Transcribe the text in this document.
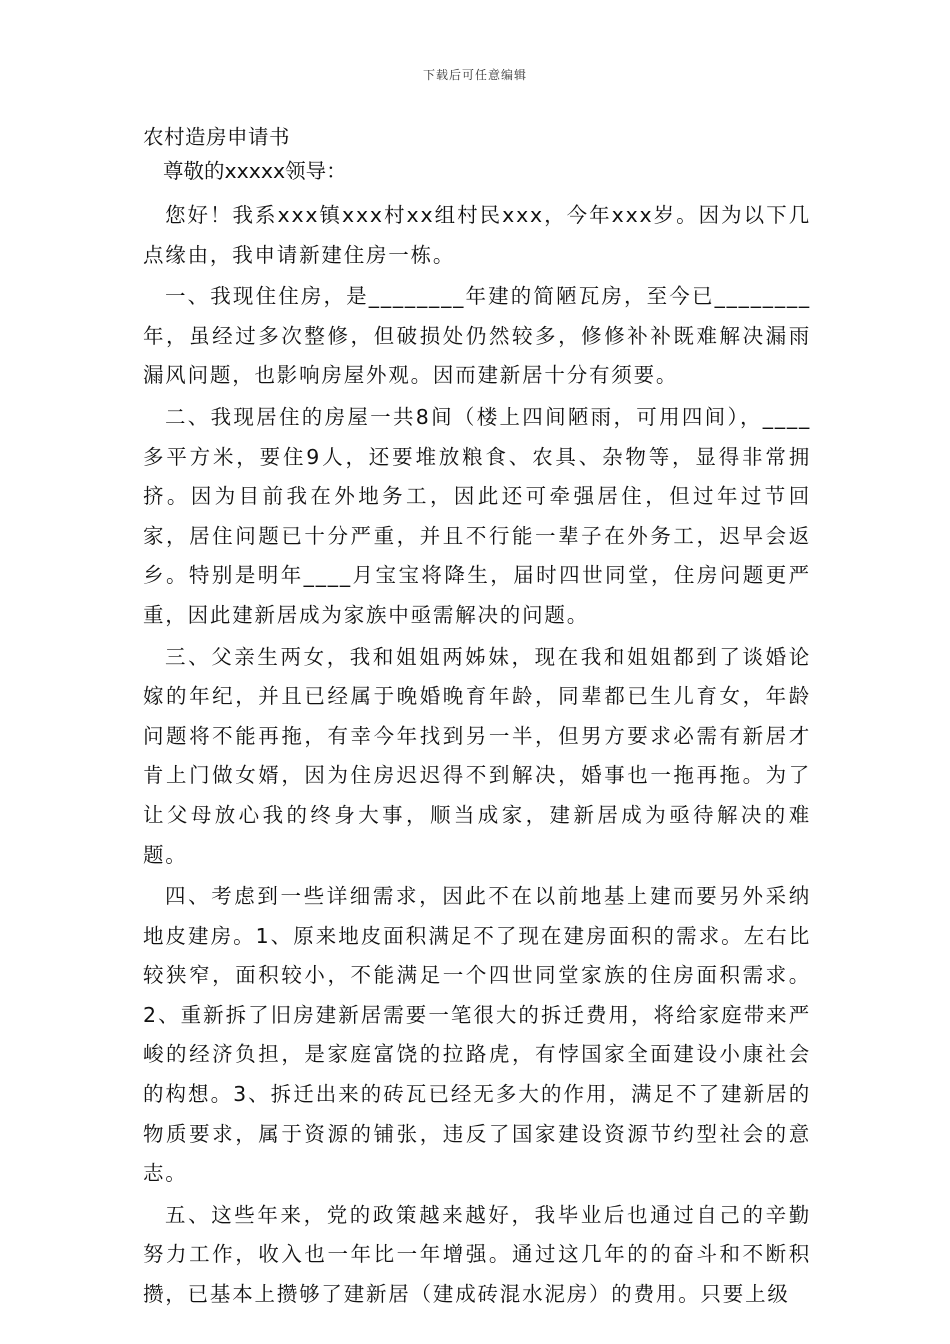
下载后可任意编辑
农村造房申请书

尊敬的xxxxx领导：

您好！我系xxx镇xxx村xx组村民xxx，今年xxx岁。因为以下几点缘由，我申请新建住房一栋。

一、我现住住房，是________年建的简陋瓦房，至今已________年，虽经过多次整修，但破损处仍然较多，修修补补既难解决漏雨漏风问题，也影响房屋外观。因而建新居十分有须要。

二、我现居住的房屋一共8间（楼上四间陋雨，可用四间），____多平方米，要住9人，还要堆放粮食、农具、杂物等，显得非常拥挤。因为目前我在外地务工，因此还可牵强居住，但过年过节回家，居住问题已十分严重，并且不行能一辈子在外务工，迟早会返乡。特别是明年____月宝宝将降生，届时四世同堂，住房问题更严重，因此建新居成为家族中亟需解决的问题。

三、父亲生两女，我和姐姐两姊妹，现在我和姐姐都到了谈婚论嫁的年纪，并且已经属于晚婚晚育年龄，同辈都已生儿育女，年龄问题将不能再拖，有幸今年找到另一半，但男方要求必需有新居才肯上门做女婿，因为住房迟迟得不到解决，婚事也一拖再拖。为了让父母放心我的终身大事，顺当成家，建新居成为亟待解决的难题。

四、考虑到一些详细需求，因此不在以前地基上建而要另外采纳地皮建房。1、原来地皮面积满足不了现在建房面积的需求。左右比较狭窄，面积较小，不能满足一个四世同堂家族的住房面积需求。2、重新拆了旧房建新居需要一笔很大的拆迁费用，将给家庭带来严峻的经济负担，是家庭富饶的拉路虎，有悖国家全面建设小康社会的构想。3、拆迁出来的砖瓦已经无多大的作用，满足不了建新居的物质要求，属于资源的铺张，违反了国家建设资源节约型社会的意志。

五、这些年来，党的政策越来越好，我毕业后也通过自己的辛勤努力工作，收入也一年比一年增强。通过这几年的的奋斗和不断积攒，已基本上攒够了建新居（建成砖混水泥房）的费用。只要上级
